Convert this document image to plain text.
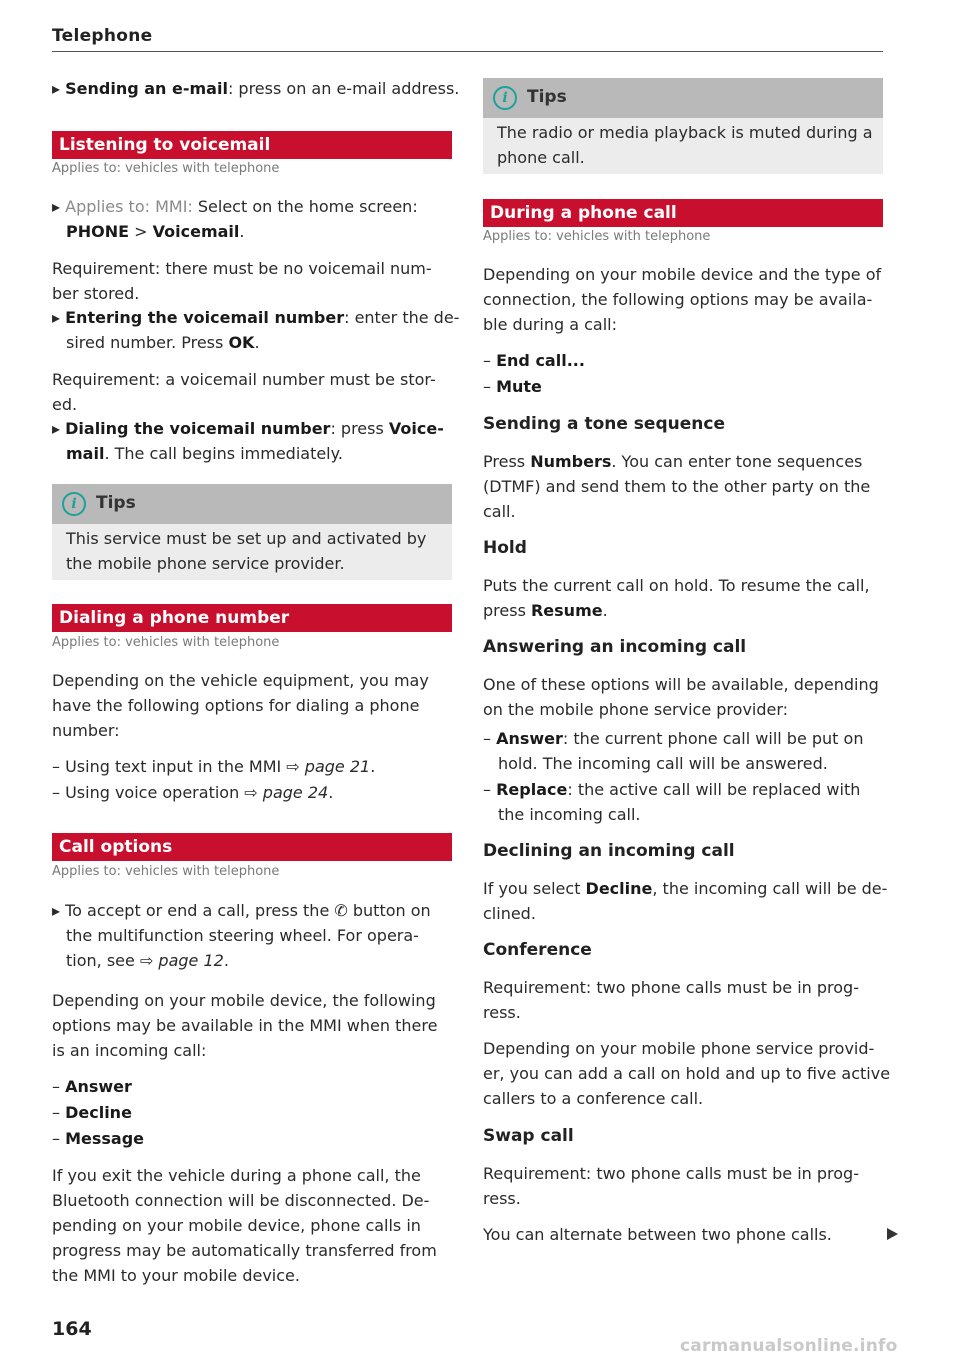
Telephone
▸ Sending an e-mail: press on an e-mail address.
Listening to voicemail
Applies to: vehicles with telephone
▸ Applies to: MMI: Select on the home screen:
PHONE > Voicemail.
Requirement: there must be no voicemail num-
ber stored.
▸ Entering the voicemail number: enter the de-
sired number. Press OK.
Requirement: a voicemail number must be stor-
ed.
▸ Dialing the voicemail number: press Voice-
mail. The call begins immediately.
i	Tips
This service must be set up and activated by
the mobile phone service provider.
Dialing a phone number
Applies to: vehicles with telephone
Depending on the vehicle equipment, you may
have the following options for dialing a phone
number:
– Using text input in the MMI ⇨ page 21.
– Using voice operation ⇨ page 24.
Call options
Applies to: vehicles with telephone
▸ To accept or end a call, press the ✆ button on
the multifunction steering wheel. For opera-
tion, see ⇨ page 12.
Depending on your mobile device, the following
options may be available in the MMI when there
is an incoming call:
– Answer
– Decline
– Message
If you exit the vehicle during a phone call, the
Bluetooth connection will be disconnected. De-
pending on your mobile device, phone calls in
progress may be automatically transferred from
the MMI to your mobile device.
i	Tips
The radio or media playback is muted during a
phone call.
During a phone call
Applies to: vehicles with telephone
Depending on your mobile device and the type of
connection, the following options may be availa-
ble during a call:
– End call...
– Mute
Sending a tone sequence
Press Numbers. You can enter tone sequences
(DTMF) and send them to the other party on the
call.
Hold
Puts the current call on hold. To resume the call,
press Resume.
Answering an incoming call
One of these options will be available, depending
on the mobile phone service provider:
– Answer: the current phone call will be put on
hold. The incoming call will be answered.
– Replace: the active call will be replaced with
the incoming call.
Declining an incoming call
If you select Decline, the incoming call will be de-
clined.
Conference
Requirement: two phone calls must be in prog-
ress.
Depending on your mobile phone service provid-
er, you can add a call on hold and up to five active
callers to a conference call.
Swap call
Requirement: two phone calls must be in prog-
ress.
You can alternate between two phone calls.
164
carmanualsonline.info
